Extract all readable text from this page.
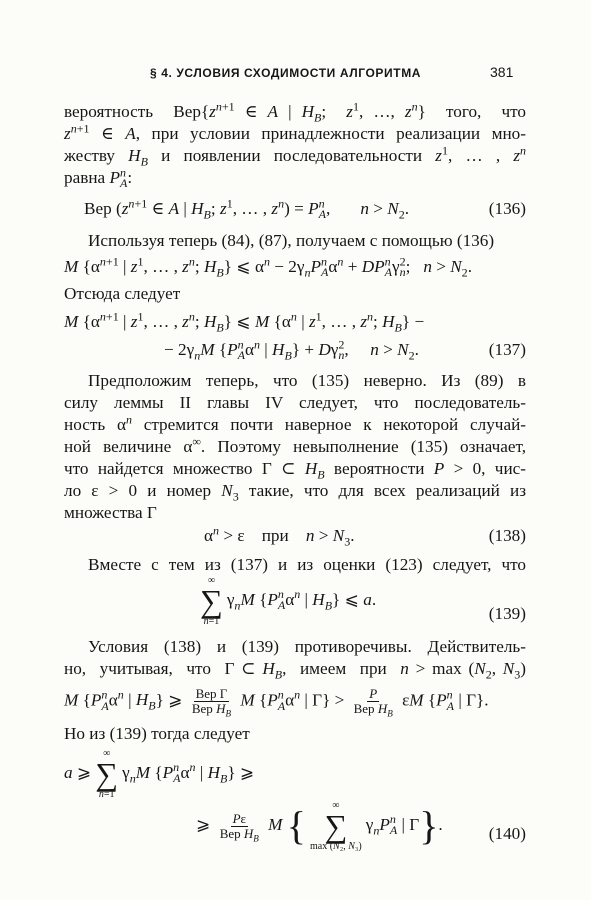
§ 4. УСЛОВИЯ СХОДИМОСТИ АЛГОРИТМА	381
вероятность  $Вер\{z^{n+1}$ ∈ A | $H_B$;  $z^1$, …, $z^n$}  того,  что
$z^{n+1}$ ∈ A, при условии принадлежности реализации мно-
жеству $H_B$ и появлении последовательности $z^1$, … , $z^n$
равна $P^n_A$:
Вер ($z^{n+1}$ ∈ A | $H_B$; $z^1$, … , $z^n) = P^n_A$,       $n > N_2$.	(136)
Используя теперь (84), (87), получаем с помощью (136)
M {$\alpha^{n+1}$ | $z^1$, … , $z^n$; $H_B$} ⩽ $\alpha^n - 2\gamma_nP^n_A\alpha^n + DP^n_A\gamma^2_n$;   $n > N_2$.
Отсюда следует
M {$\alpha^{n+1}$ | $z^1$, … , $z^n$; $H_B$} ⩽ M {$\alpha^n$ | $z^1$, … , $z^n$; $H_B$} −
− $2\gamma_nM$ {$P^n_A\alpha^n$ | $H_B\} + D\gamma^2_n$,     $n > N_2$.	(137)
Предположим теперь, что (135) неверно. Из (89) в
силу леммы II главы IV следует, что последователь-
ность $\alpha^n$ стремится почти наверное к некоторой случай-
ной величине α∞. Поэтому невыполнение (135) означает,
что найдется множество Γ ⊂ $H_B$ вероятности P > 0, чис-
ло ε > 0 и номер $N_3$ такие, что для всех реализаций из
множества Γ
$\alpha^n > \varepsilon$    при    $n > N_3$.	(138)
Вместе с тем из (137) и из оценки (123) следует, что
∞
∑
n=1
$\gamma_nM$ {$P^n_A\alpha^n$ | $H_B$} ⩽ a.
(139)
Условия (138) и (139) противоречивы. Действитель-
но,  учитывая,  что  Γ ⊂ $H_B$,  имеем  при  $n > \max (N_2$, $N_3$)
M {$P^n_A\alpha^n$ | $H_B$} ⩾ $\frac{\text{Вер Γ}}{Вер H_B}$ M {$P^n_A\alpha^n$ | $\Gamma\} > \frac{P}{Вер H_B}$ εM {$P^n_A$ | Γ}.
Но из (139) тогда следует
a ⩾
∞
∑
n=1
$\gamma_nM$ {$P^n_A\alpha^n$ | $H_B$} ⩾
⩾ $\frac{P\varepsilon}{Вер H_B}$ M {	∞
∑
max (N₂, N₃)
$\gamma_nP^n_A$ | Γ}.	(140)
